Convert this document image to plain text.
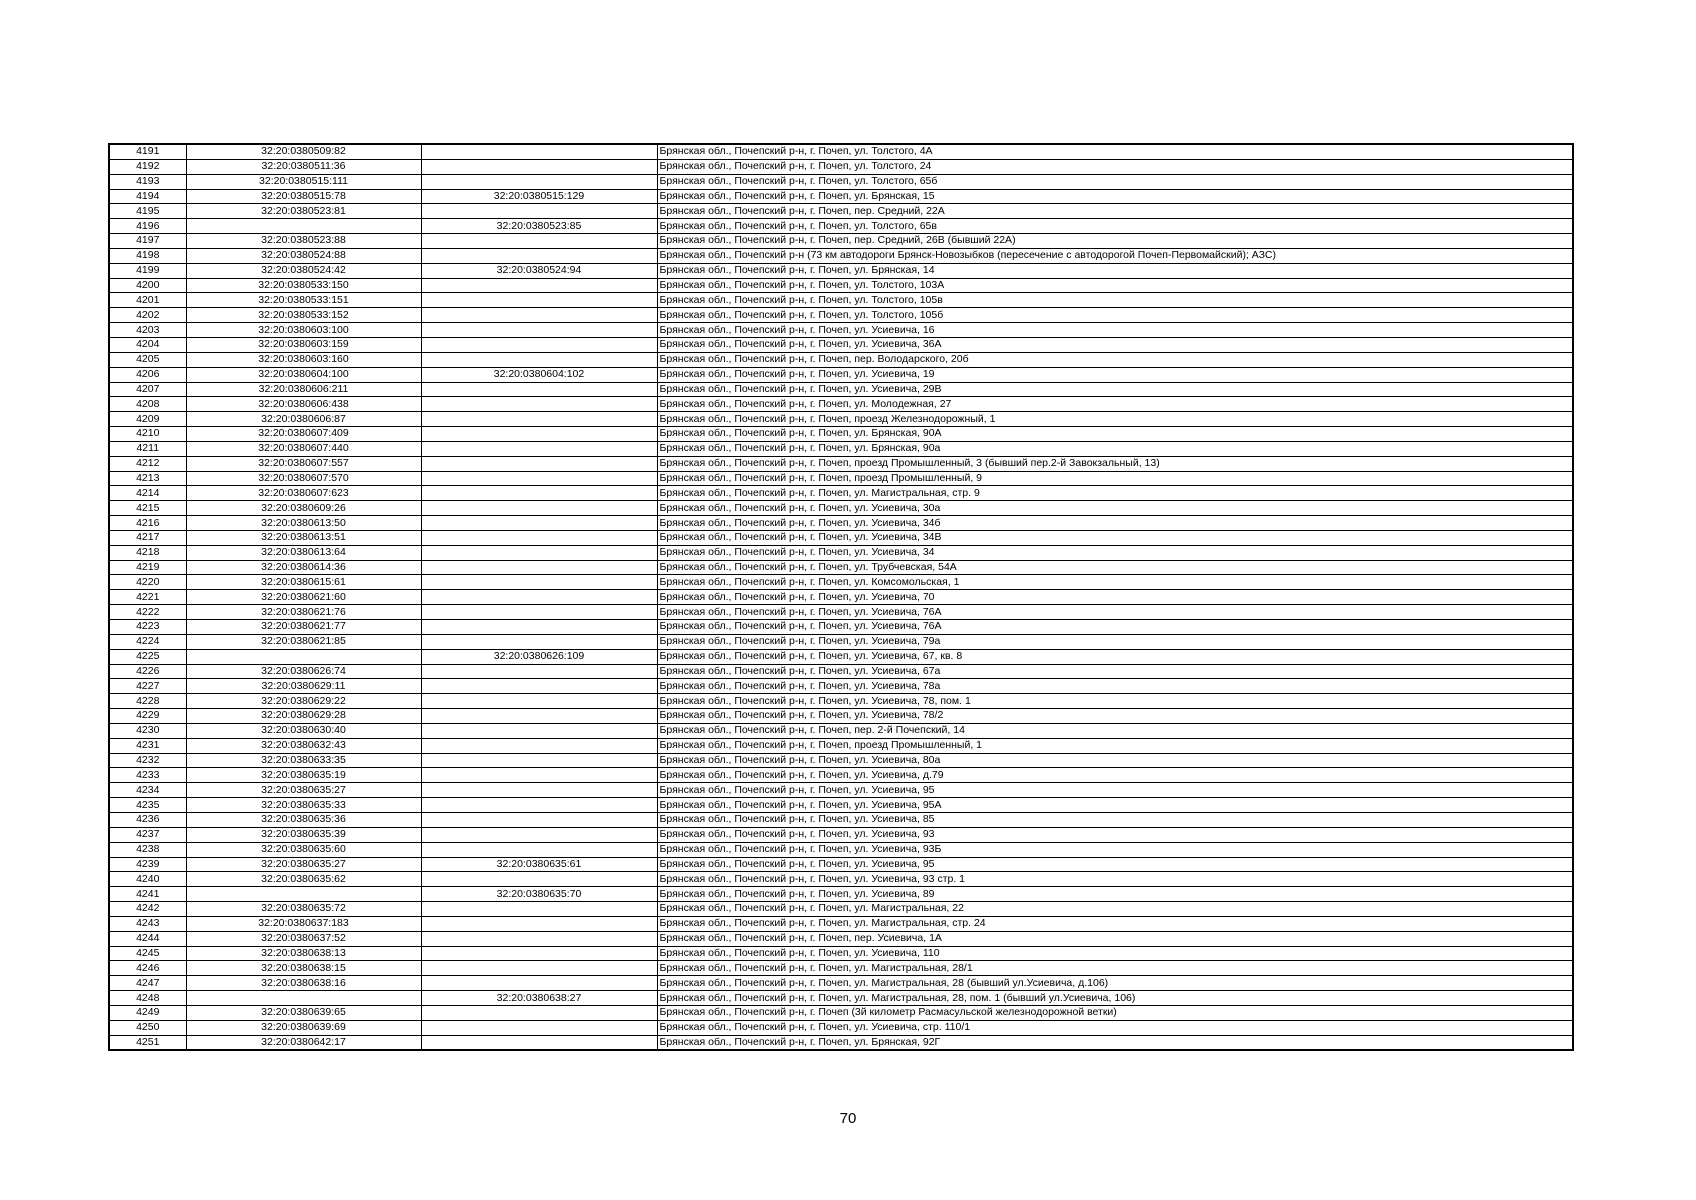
4191	32:20:0380509:82		Брянская обл., Почепский р-н, г. Почеп, ул. Толстого, 4А
4192	32:20:0380511:36		Брянская обл., Почепский р-н, г. Почеп, ул. Толстого, 24
4193	32:20:0380515:111		Брянская обл., Почепский р-н, г. Почеп, ул. Толстого, 65б
4194	32:20:0380515:78	32:20:0380515:129	Брянская обл., Почепский р-н, г. Почеп, ул. Брянская, 15
4195	32:20:0380523:81		Брянская обл., Почепский р-н, г. Почеп, пер. Средний, 22А
4196		32:20:0380523:85	Брянская обл., Почепский р-н, г. Почеп, ул. Толстого, 65в
4197	32:20:0380523:88		Брянская обл., Почепский р-н, г. Почеп, пер. Средний, 26В (бывший 22А)
4198	32:20:0380524:88		Брянская обл., Почепский р-н (73 км автодороги Брянск-Новозыбков (пересечение с автодорогой Почеп-Первомайский); АЗС)
4199	32:20:0380524:42	32:20:0380524:94	Брянская обл., Почепский р-н, г. Почеп, ул. Брянская, 14
4200	32:20:0380533:150		Брянская обл., Почепский р-н, г. Почеп, ул. Толстого, 103А
4201	32:20:0380533:151		Брянская обл., Почепский р-н, г. Почеп, ул. Толстого, 105в
4202	32:20:0380533:152		Брянская обл., Почепский р-н, г. Почеп, ул. Толстого, 105б
4203	32:20:0380603:100		Брянская обл., Почепский р-н, г. Почеп, ул. Усиевича, 16
4204	32:20:0380603:159		Брянская обл., Почепский р-н, г. Почеп, ул. Усиевича, 36А
4205	32:20:0380603:160		Брянская обл., Почепский р-н, г. Почеп, пер. Володарского, 20б
4206	32:20:0380604:100	32:20:0380604:102	Брянская обл., Почепский р-н, г. Почеп, ул. Усиевича, 19
4207	32:20:0380606:211		Брянская обл., Почепский р-н, г. Почеп, ул. Усиевича, 29В
4208	32:20:0380606:438		Брянская обл., Почепский р-н, г. Почеп, ул. Молодежная, 27
4209	32:20:0380606:87		Брянская обл., Почепский р-н, г. Почеп, проезд Железнодорожный, 1
4210	32:20:0380607:409		Брянская обл., Почепский р-н, г. Почеп, ул. Брянская, 90А
4211	32:20:0380607:440		Брянская обл., Почепский р-н, г. Почеп, ул. Брянская, 90а
4212	32:20:0380607:557		Брянская обл., Почепский р-н, г. Почеп, проезд Промышленный, 3 (бывший пер.2-й Завокзальный, 13)
4213	32:20:0380607:570		Брянская обл., Почепский р-н, г. Почеп, проезд Промышленный, 9
4214	32:20:0380607:623		Брянская обл., Почепский р-н, г. Почеп, ул. Магистральная, стр. 9
4215	32:20:0380609:26		Брянская обл., Почепский р-н, г. Почеп, ул. Усиевича, 30а
4216	32:20:0380613:50		Брянская обл., Почепский р-н, г. Почеп, ул. Усиевича, 34б
4217	32:20:0380613:51		Брянская обл., Почепский р-н, г. Почеп, ул. Усиевича, 34В
4218	32:20:0380613:64		Брянская обл., Почепский р-н, г. Почеп, ул. Усиевича, 34
4219	32:20:0380614:36		Брянская обл., Почепский р-н, г. Почеп, ул. Трубчевская, 54А
4220	32:20:0380615:61		Брянская обл., Почепский р-н, г. Почеп, ул. Комсомольская, 1
4221	32:20:0380621:60		Брянская обл., Почепский р-н, г. Почеп, ул. Усиевича, 70
4222	32:20:0380621:76		Брянская обл., Почепский р-н, г. Почеп, ул. Усиевича, 76А
4223	32:20:0380621:77		Брянская обл., Почепский р-н, г. Почеп, ул. Усиевича, 76А
4224	32:20:0380621:85		Брянская обл., Почепский р-н, г. Почеп, ул. Усиевича, 79а
4225		32:20:0380626:109	Брянская обл., Почепский р-н, г. Почеп, ул. Усиевича, 67, кв. 8
4226	32:20:0380626:74		Брянская обл., Почепский р-н, г. Почеп, ул. Усиевича, 67а
4227	32:20:0380629:11		Брянская обл., Почепский р-н, г. Почеп, ул. Усиевича, 78а
4228	32:20:0380629:22		Брянская обл., Почепский р-н, г. Почеп, ул. Усиевича, 78, пом. 1
4229	32:20:0380629:28		Брянская обл., Почепский р-н, г. Почеп, ул. Усиевича, 78/2
4230	32:20:0380630:40		Брянская обл., Почепский р-н, г. Почеп, пер. 2-й Почепский, 14
4231	32:20:0380632:43		Брянская обл., Почепский р-н, г. Почеп, проезд Промышленный, 1
4232	32:20:0380633:35		Брянская обл., Почепский р-н, г. Почеп, ул. Усиевича, 80а
4233	32:20:0380635:19		Брянская обл., Почепский р-н, г. Почеп, ул. Усиевича, д.79
4234	32:20:0380635:27		Брянская обл., Почепский р-н, г. Почеп, ул. Усиевича, 95
4235	32:20:0380635:33		Брянская обл., Почепский р-н, г. Почеп, ул. Усиевича, 95А
4236	32:20:0380635:36		Брянская обл., Почепский р-н, г. Почеп, ул. Усиевича, 85
4237	32:20:0380635:39		Брянская обл., Почепский р-н, г. Почеп, ул. Усиевича, 93
4238	32:20:0380635:60		Брянская обл., Почепский р-н, г. Почеп, ул. Усиевича, 93Б
4239	32:20:0380635:27	32:20:0380635:61	Брянская обл., Почепский р-н, г. Почеп, ул. Усиевича, 95
4240	32:20:0380635:62		Брянская обл., Почепский р-н, г. Почеп, ул. Усиевича, 93 стр. 1
4241		32:20:0380635:70	Брянская обл., Почепский р-н, г. Почеп, ул. Усиевича, 89
4242	32:20:0380635:72		Брянская обл., Почепский р-н, г. Почеп, ул. Магистральная, 22
4243	32:20:0380637:183		Брянская обл., Почепский р-н, г. Почеп, ул. Магистральная, стр. 24
4244	32:20:0380637:52		Брянская обл., Почепский р-н, г. Почеп, пер. Усиевича, 1А
4245	32:20:0380638:13		Брянская обл., Почепский р-н, г. Почеп, ул. Усиевича, 110
4246	32:20:0380638:15		Брянская обл., Почепский р-н, г. Почеп, ул. Магистральная, 28/1
4247	32:20:0380638:16		Брянская обл., Почепский р-н, г. Почеп, ул. Магистральная, 28 (бывший ул.Усиевича, д.106)
4248		32:20:0380638:27	Брянская обл., Почепский р-н, г. Почеп, ул. Магистральная, 28, пом. 1 (бывший ул.Усиевича, 106)
4249	32:20:0380639:65		Брянская обл., Почепский р-н, г. Почеп (3й километр Расмасульской железнодорожной ветки)
4250	32:20:0380639:69		Брянская обл., Почепский р-н, г. Почеп, ул. Усиевича, стр. 110/1
4251	32:20:0380642:17		Брянская обл., Почепский р-н, г. Почеп, ул. Брянская, 92Г
70
